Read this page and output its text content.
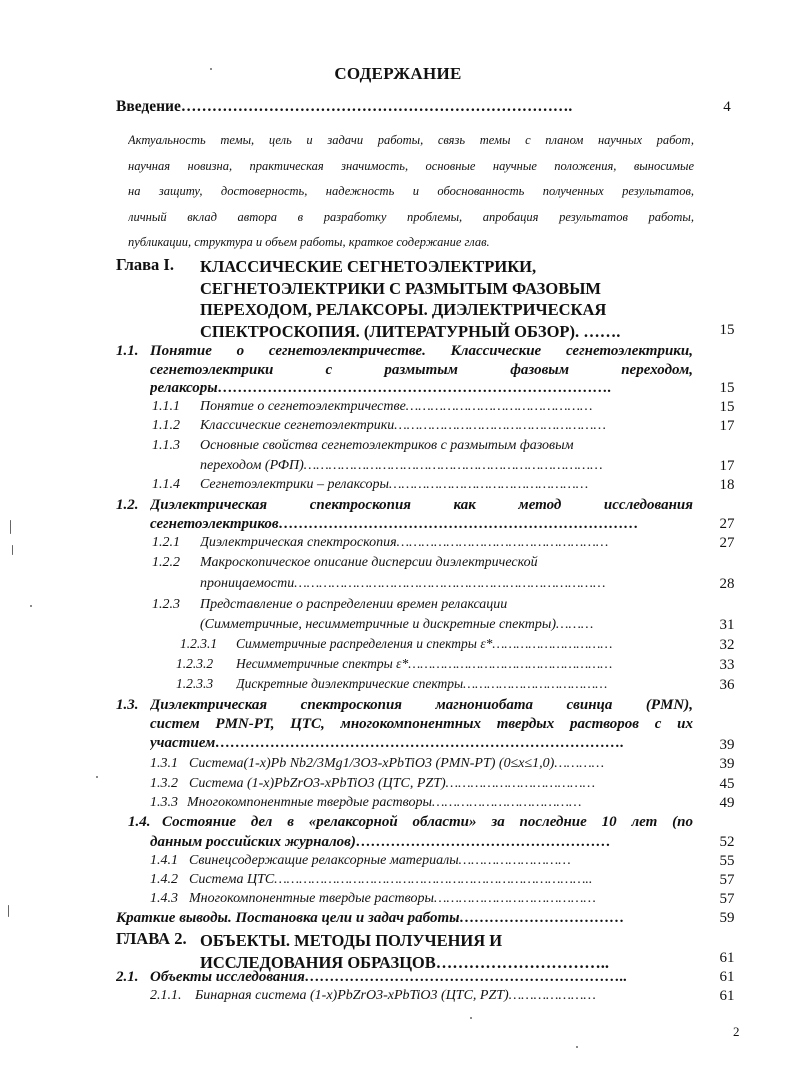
СОДЕРЖАНИЕ
Введение………………………………………………………………….	4
Актуальность темы, цель и задачи работы, связь темы с планом научных работ,
научная новизна, практическая значимость, основные научные положения, выносимые
на защиту, достоверность, надежность и обоснованность полученных результатов,
личный вклад автора в разработку проблемы, апробация результатов работы,
публикации, структура и объем работы, краткое содержание глав.
Глава I. КЛАССИЧЕСКИЕ СЕГНЕТОЭЛЕКТРИКИ,
СЕГНЕТОЭЛЕКТРИКИ С РАЗМЫТЫМ ФАЗОВЫМ
ПЕРЕХОДОМ, РЕЛАКСОРЫ. ДИЭЛЕКТРИЧЕСКАЯ
СПЕКТРОСКОПИЯ. (ЛИТЕРАТУРНЫЙ ОБЗОР). …….	15
1.1. Понятие о сегнетоэлектричестве. Классические сегнетоэлектрики,
сегнетоэлектрики с размытым фазовым переходом,
релаксоры…………………………………………………………………….	15
1.1.1 Понятие о сегнетоэлектричестве………………………………………	15
1.1.2 Классические сегнетоэлектрики……………………………………………	17
1.1.3 Основные свойства сегнетоэлектриков с размытым фазовым
переходом (РФП)………………………………………………………………	17
1.1.4 Сегнетоэлектрики – релаксоры…………………………………………	18
1.2. Диэлектрическая спектроскопия как метод исследования
сегнетоэлектриков………………………………………………………………	27
1.2.1 Диэлектрическая спектроскопия……………………………………………	27
1.2.2 Макроскопическое описание дисперсии диэлектрической
проницаемости…………………………………………………………………	28
1.2.3 Представление о распределении времен релаксации
(Симметричные, несимметричные и дискретные спектры)………	31
1.2.3.1 Симметричные распределения и спектры ε*…………………………	32
1.2.3.2 Несимметричные спектры ε*……………………………………………	33
1.2.3.3 Дискретные диэлектрические спектры………………………………	36
1.3. Диэлектрическая спектроскопия магнониобата свинца (PMN),
систем PMN-PT, ЦТС, многокомпонентных твердых растворов с их
участием……………………………………………………………………….	39
1.3.1 Система(1-x)Pb Nb2/3Mg1/3O3-xPbTiO3 (PMN-PT) (0≤x≤1,0)…………	39
1.3.2 Система (1-x)PbZrO3-xPbTiO3 (ЦТС, PZT)………………………………	45
1.3.3 Многокомпонентные твердые растворы………………………………	49
1.4. Состояние дел в «релаксорной области» за последние 10 лет (по
данным российских журналов)……………………………………………	52
1.4.1 Свинецсодержащие релаксорные материалы………………………	55
1.4.2 Система ЦТС…………………………………………………………………..	57
1.4.3 Многокомпонентные твердые растворы…………………………………	57
Краткие выводы. Постановка цели и задач работы……………………………	59
ГЛАВА 2. ОБЪЕКТЫ. МЕТОДЫ ПОЛУЧЕНИЯ И
ИССЛЕДОВАНИЯ ОБРАЗЦОВ…………………………..	61
2.1. Объекты исследования………………………………………………………..	61
2.1.1. Бинарная система (1-x)PbZrO3-xPbTiO3 (ЦТС, PZT)…………………	61
2
